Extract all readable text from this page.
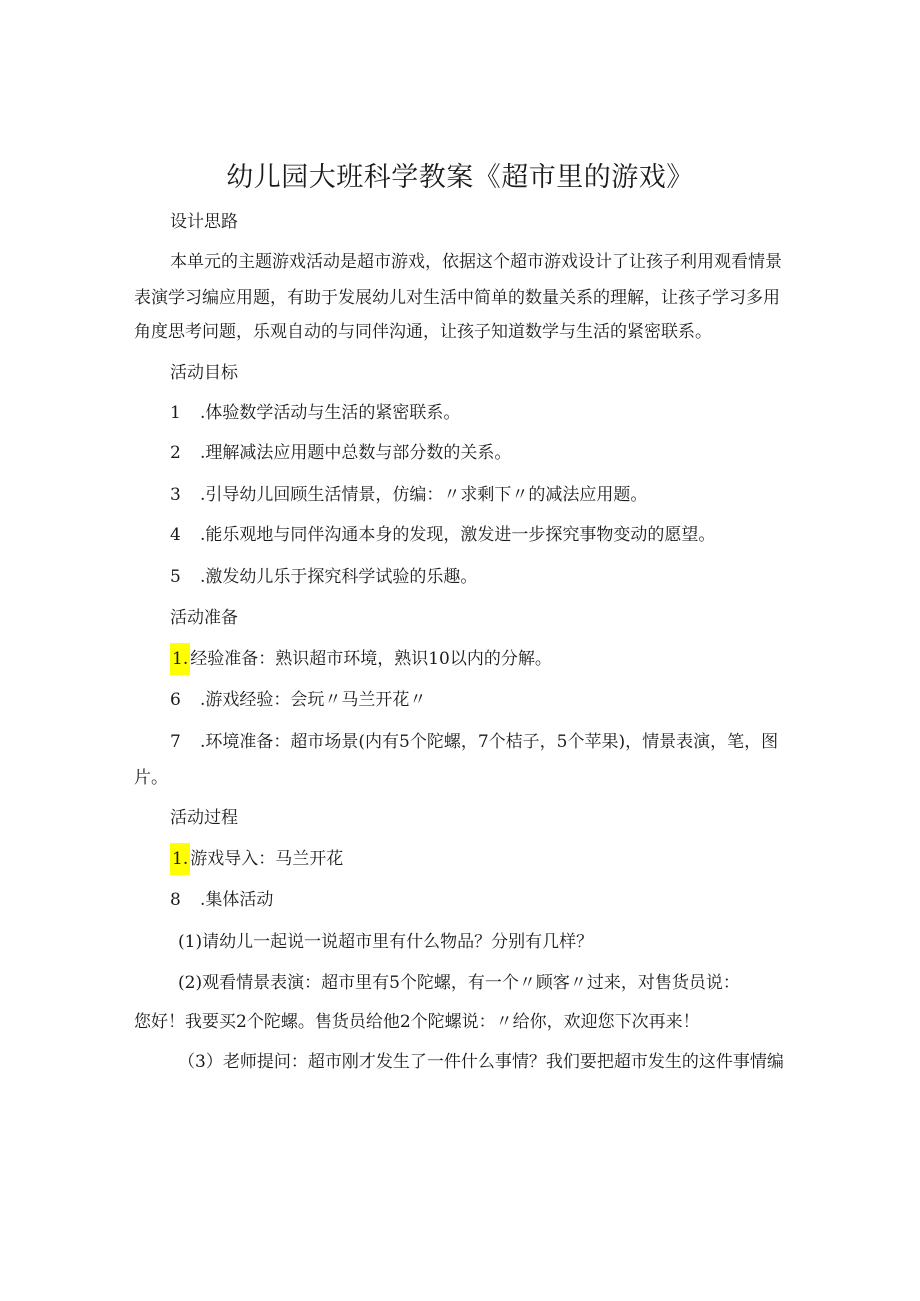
幼儿园大班科学教案《超市里的游戏》
设计思路
本单元的主题游戏活动是超市游戏，依据这个超市游戏设计了让孩子利用观看情景
表演学习编应用题，有助于发展幼儿对生活中简单的数量关系的理解，让孩子学习多用
角度思考问题，乐观自动的与同伴沟通，让孩子知道数学与生活的紧密联系。
活动目标
1 .体验数学活动与生活的紧密联系。
2 .理解减法应用题中总数与部分数的关系。
3 .引导幼儿回顾生活情景，仿编：〃求剩下〃的减法应用题。
4 .能乐观地与同伴沟通本身的发现，激发进一步探究事物变动的愿望。
5 .激发幼儿乐于探究科学试验的乐趣。
活动准备
1. 经验准备：熟识超市环境，熟识10以内的分解。
6 .游戏经验：会玩〃马兰开花〃
7 .环境准备：超市场景(内有5个陀螺，7个桔子，5个苹果)，情景表演，笔，图
片。
活动过程
1. 游戏导入：马兰开花
8 .集体活动
(1)请幼儿一起说一说超市里有什么物品？分别有几样？
(2)观看情景表演：超市里有5个陀螺，有一个〃顾客〃过来，对售货员说：
您好！我要买2个陀螺。售货员给他2个陀螺说：〃给你，欢迎您下次再来！
（3）老师提问：超市刚才发生了一件什么事情？我们要把超市发生的这件事情编
